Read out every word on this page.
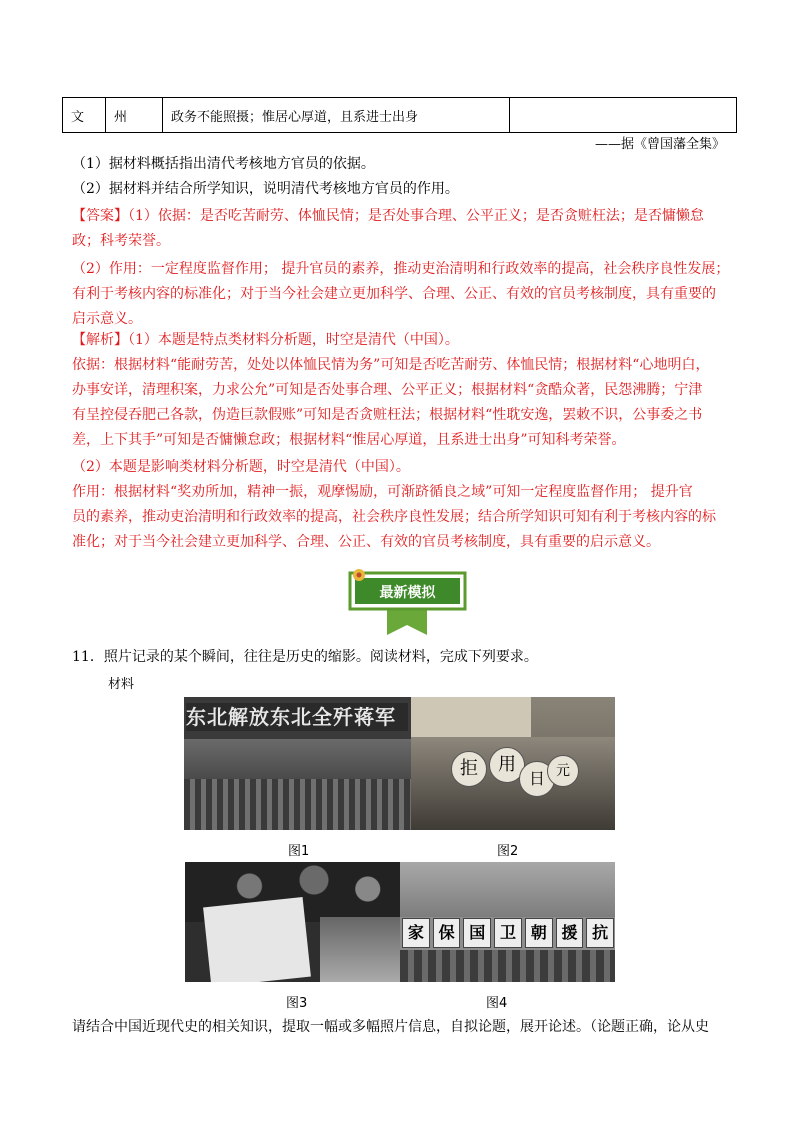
文	州	政务不能照摄；惟居心厚道，且系进士出身	
——据《曾国藩全集》
（1）据材料概括指出清代考核地方官员的依据。
（2）据材料并结合所学知识，说明清代考核地方官员的作用。
【答案】（1）依据：是否吃苦耐劳、体恤民情；是否处事合理、公平正义；是否贪赃枉法；是否慵懒怠
政；科考荣誉。
（2）作用：一定程度监督作用； 提升官员的素养，推动吏治清明和行政效率的提高，社会秩序良性发展；
有利于考核内容的标准化；对于当今社会建立更加科学、合理、公正、有效的官员考核制度，具有重要的
启示意义。
【解析】（1）本题是特点类材料分析题，时空是清代（中国）。
依据：根据材料“能耐劳苦，处处以体恤民情为务”可知是否吃苦耐劳、体恤民情；根据材料“心地明白，
办事安详，清理积案，力求公允”可知是否处事合理、公平正义；根据材料“贪酷众著，民怨沸腾；宁津
有呈控侵吞肥己各款，伪造巨款假账”可知是否贪赃枉法；根据材料“性耽安逸，罢敕不识，公事委之书
差，上下其手”可知是否慵懒怠政；根据材料“惟居心厚道，且系进士出身”可知科考荣誉。
（2）本题是影响类材料分析题，时空是清代（中国）。
作用：根据材料“奖劝所加，精神一振，观摩惕励，可渐跻循良之域”可知一定程度监督作用； 提升官
员的素养，推动吏治清明和行政效率的提高，社会秩序良性发展；结合所学知识可知有利于考核内容的标
准化；对于当今社会建立更加科学、合理、公正、有效的官员考核制度，具有重要的启示意义。
最新模拟
11．照片记录的某个瞬间，往往是历史的缩影。阅读材料，完成下列要求。
材料
东北解放东北全歼蒋军
拒	用
日 元
图1	图2
家 保 国 卫 朝 援 抗
图3	图4
请结合中国近现代史的相关知识，提取一幅或多幅照片信息，自拟论题，展开论述。（论题正确，论从史
